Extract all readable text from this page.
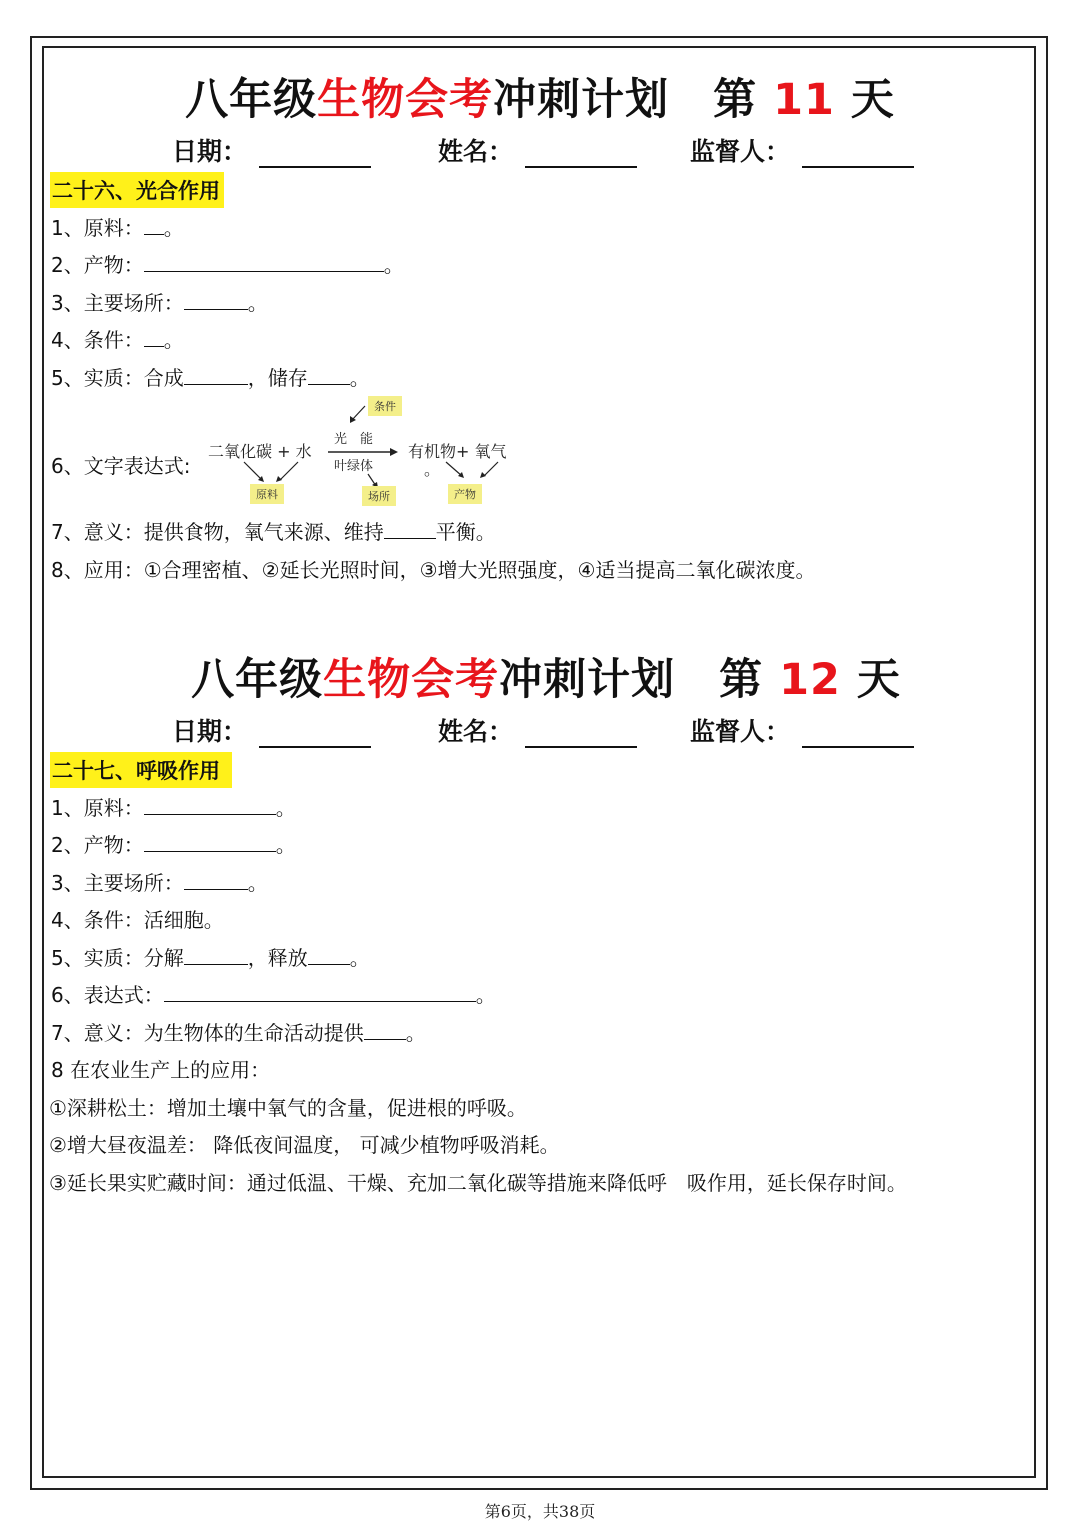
八年级生物会考冲刺计划 第 11 天
日期：	姓名：	监督人：
二十六、光合作用
1、原料： 。
2、产物：	。
3、主要场所：	。
4、条件： 。
5、实质：合成	，储存 。
6、文字表达式:
条件
二氧化碳 + 水
光　能
叶绿体
有机物+ 氧气
。
原料	场所	产物
7、意义：提供食物，氧气来源、维持	平衡。
8、应用：①合理密植、②延长光照时间，③增大光照强度，④适当提高二氧化碳浓度。
八年级生物会考冲刺计划 第 12 天
日期：	姓名：	监督人：
二十七、呼吸作用
1、原料：	。
2、产物：	。
3、主要场所：	。
4、条件：活细胞。
5、实质：分解	，释放 。
6、表达式：	。
7、意义：为生物体的生命活动提供 。
8 在农业生产上的应用：
①深耕松土：增加土壤中氧气的含量，促进根的呼吸。
②增大昼夜温差： 降低夜间温度， 可减少植物呼吸消耗。
③延长果实贮藏时间：通过低温、干燥、充加二氧化碳等措施来降低呼　吸作用，延长保存时间。
第6页，共38页
